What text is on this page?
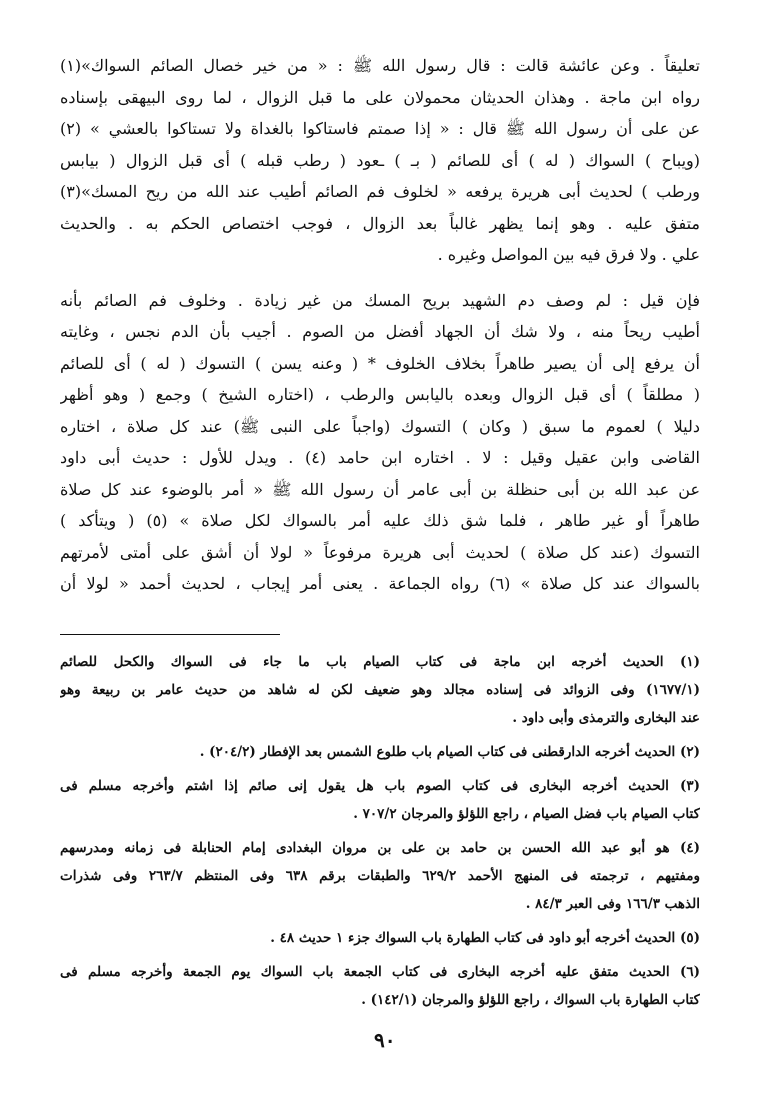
تعليقاً . وعن عائشة قالت : قال رسول الله ﷺ : « من خير خصال الصائم السواك»(١)
رواه ابن ماجة . وهذان الحديثان محمولان على ما قبل الزوال ، لما روى البيهقى بإسناده
عن على أن رسول الله ﷺ قال : « إذا صمتم فاستاكوا بالغداة ولا تستاكوا بالعشي » (٢)
(ويباح ) السواك ( له ) أى للصائم ( بـ ) ـعود ( رطب قبله ) أى قبل الزوال ( بيابس
ورطب ) لحديث أبى هريرة يرفعه « لخلوف فم الصائم أطيب عند الله من ريح المسك»(٣)
متفق عليه . وهو إنما يظهر غالباً بعد الزوال ، فوجب اختصاص الحكم به . والحديث
علي . ولا فرق فيه بين المواصل وغيره .
فإن قيل : لم وصف دم الشهيد بريح المسك من غير زيادة . وخلوف فم الصائم بأنه
أطيب ريحاً منه ، ولا شك أن الجهاد أفضل من الصوم . أجيب بأن الدم نجس ، وغايته
أن يرفع إلى أن يصير طاهراً بخلاف الخلوف * ( وعنه يسن ) التسوك ( له ) أى للصائم
( مطلقاً ) أى قبل الزوال وبعده باليابس والرطب ، (اختاره الشيخ ) وجمع ( وهو أظهر
دليلا ) لعموم ما سبق ( وكان ) التسوك (واجباً على النبى ﷺ) عند كل صلاة ، اختاره
القاضى وابن عقيل وقيل : لا . اختاره ابن حامد (٤) . ويدل للأول : حديث أبى داود
عن عبد الله بن أبى حنظلة بن أبى عامر أن رسول الله ﷺ « أمر بالوضوء عند كل صلاة
طاهراً أو غير طاهر ، فلما شق ذلك عليه أمر بالسواك لكل صلاة » (٥) ( ويتأكد )
التسوك (عند كل صلاة ) لحديث أبى هريرة مرفوعاً « لولا أن أشق على أمتى لأمرتهم
بالسواك عند كل صلاة » (٦) رواه الجماعة . يعنى أمر إيجاب ، لحديث أحمد « لولا أن
(١) الحديث أخرجه ابن ماجة فى كتاب الصيام باب ما جاء فى السواك والكحل للصائم
(١٦٧٧/١) وفى الزوائد فى إسناده مجالد وهو ضعيف لكن له شاهد من حديث عامر بن ربيعة وهو
عند البخارى والترمذى وأبى داود .
(٢) الحديث أخرجه الدارقطنى فى كتاب الصيام باب طلوع الشمس بعد الإفطار (٢٠٤/٢) .
(٣) الحديث أخرجه البخارى فى كتاب الصوم باب هل يقول إنى صائم إذا اشتم وأخرجه مسلم فى
كتاب الصيام باب فضل الصيام ، راجع اللؤلؤ والمرجان ٧٠٧/٢ .
(٤) هو أبو عبد الله الحسن بن حامد بن على بن مروان البغدادى إمام الحنابلة فى زمانه ومدرسهم
ومفتيهم ، ترجمته فى المنهج الأحمد ٦٢٩/٢ والطبقات برقم ٦٣٨ وفى المنتظم ٢٦٣/٧ وفى شذرات
الذهب ١٦٦/٣ وفى العبر ٨٤/٣ .
(٥) الحديث أخرجه أبو داود فى كتاب الطهارة باب السواك جزء ١ حديث ٤٨ .
(٦) الحديث متفق عليه أخرجه البخارى فى كتاب الجمعة باب السواك يوم الجمعة وأخرجه مسلم فى
كتاب الطهارة باب السواك ، راجع اللؤلؤ والمرجان (١٤٢/١) .
٩٠
